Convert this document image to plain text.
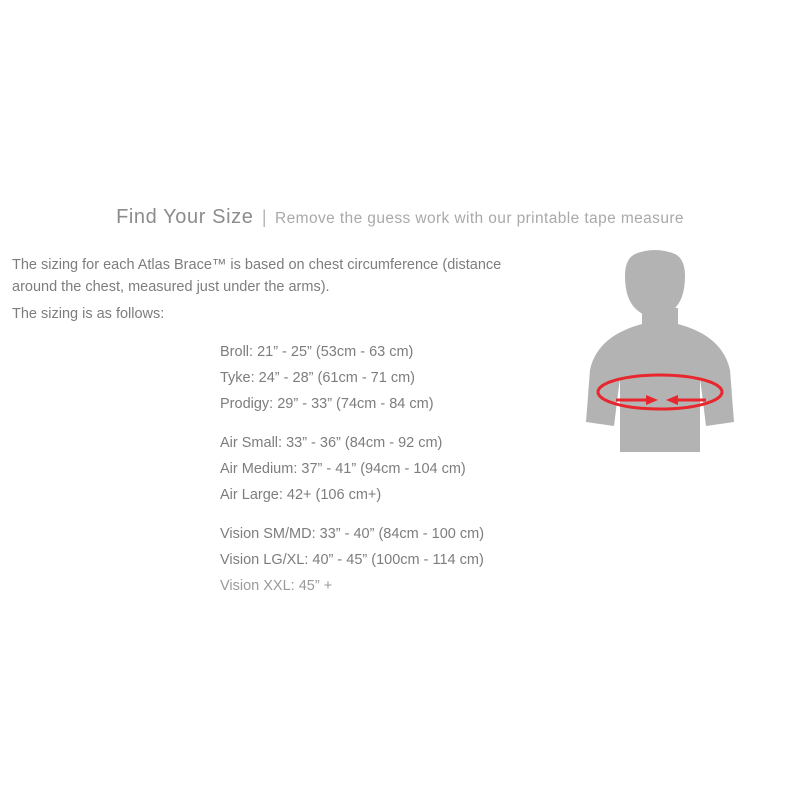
Find Your Size | Remove the guess work with our printable tape measure
The sizing for each Atlas Brace™ is based on chest circumference (distance around the chest, measured just under the arms).
The sizing is as follows:
Broll: 21” - 25” (53cm - 63 cm)
Tyke: 24” - 28” (61cm - 71 cm)
Prodigy: 29” - 33” (74cm - 84 cm)
Air Small: 33” - 36” (84cm - 92 cm)
Air Medium: 37” - 41” (94cm - 104 cm)
Air Large: 42+ (106 cm+)
Vision SM/MD: 33” - 40” (84cm - 100 cm)
Vision LG/XL: 40” - 45” (100cm - 114 cm)
Vision XXL: 45” +
